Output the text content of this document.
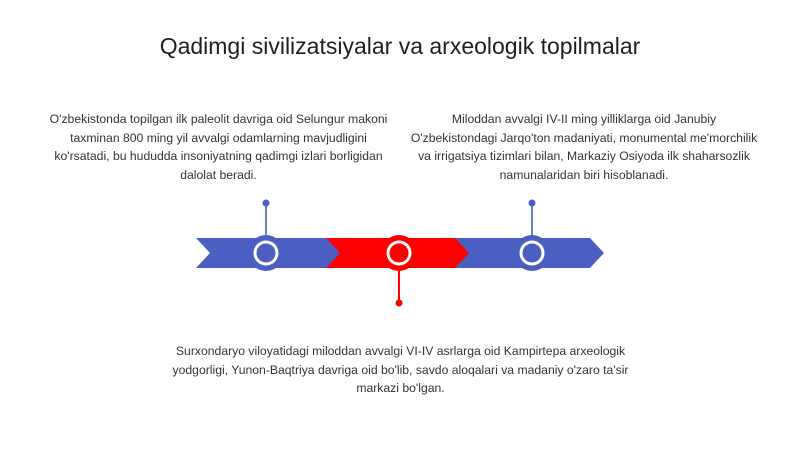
Qadimgi sivilizatsiyalar va arxeologik topilmalar
O'zbekistonda topilgan ilk paleolit davriga oid Selungur makoni taxminan 800 ming yil avvalgi odamlarning mavjudligini ko'rsatadi, bu hududda insoniyatning qadimgi izlari borligidan dalolat beradi.
Miloddan avvalgi IV-II ming yilliklarga oid Janubiy O'zbekistondagi Jarqo'ton madaniyati, monumental me'morchilik va irrigatsiya tizimlari bilan, Markaziy Osiyoda ilk shaharsozlik namunalaridan biri hisoblanadi.
Surxondaryo viloyatidagi miloddan avvalgi VI-IV asrlarga oid Kampirtepa arxeologik yodgorligi, Yunon-Baqtriya davriga oid bo'lib, savdo aloqalari va madaniy o'zaro ta'sir markazi bo'lgan.
